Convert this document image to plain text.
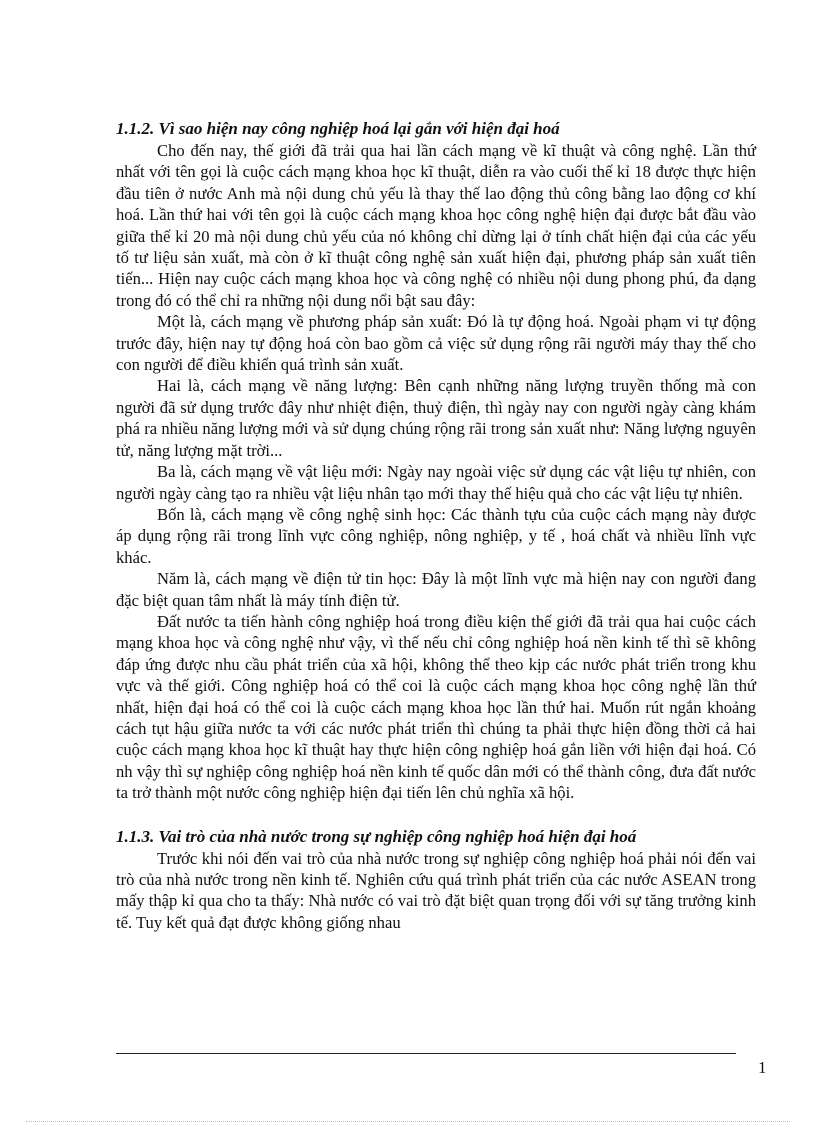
1.1.2. Vì sao hiện nay công nghiệp hoá lại gắn với hiện đại hoá

Cho đến nay, thế giới đã trải qua hai lần cách mạng về kĩ thuật và công nghệ. Lần thứ nhất với tên gọi là cuộc cách mạng khoa học kĩ thuật, diễn ra vào cuối thế kỉ 18 được thực hiện đầu tiên ở nước Anh mà nội dung chủ yếu là thay thế lao động thủ công bằng lao động cơ khí hoá. Lần thứ hai với tên gọi là cuộc cách mạng khoa học công nghệ hiện đại được bắt đầu vào giữa thế kỉ 20 mà nội dung chủ yếu của nó không chỉ dừng lại ở tính chất hiện đại của các yếu tố tư liệu sản xuất, mà còn ở kĩ thuật công nghệ sản xuất hiện đại, phương pháp sản xuất tiên tiến... Hiện nay cuộc cách mạng khoa học và công nghệ có nhiều nội dung phong phú, đa dạng trong đó có thể chỉ ra những nội dung nổi bật sau đây:

Một là, cách mạng về phương pháp sản xuất: Đó là tự động hoá. Ngoài phạm vi tự động trước đây, hiện nay tự động hoá còn bao gồm cả việc sử dụng rộng rãi người máy thay thế cho con người để điều khiển quá trình sản xuất.

Hai là, cách mạng về năng lượng: Bên cạnh những năng lượng truyền thống mà con người đã sử dụng trước đây như nhiệt điện, thuỷ điện, thì ngày nay con người ngày càng khám phá ra nhiều năng lượng mới và sử dụng chúng rộng rãi trong sản xuất như: Năng lượng nguyên tử, năng lượng mặt trời...

Ba là, cách mạng về vật liệu mới: Ngày nay ngoài việc sử dụng các vật liệu tự nhiên, con người ngày càng tạo ra nhiều vật liệu nhân tạo mới thay thế hiệu quả cho các vật liệu tự nhiên.

Bốn là, cách mạng về công nghệ sinh học: Các thành tựu của cuộc cách mạng này được áp dụng rộng rãi trong lĩnh vực công nghiệp, nông nghiệp, y tế , hoá chất và nhiều lĩnh vực khác.

Năm là, cách mạng về điện tử tin học: Đây là một lĩnh vực mà hiện nay con người đang đặc biệt quan tâm nhất là máy tính điện tử.

Đất nước ta tiến hành công nghiệp hoá trong điều kiện thế giới đã trải qua hai cuộc cách mạng khoa học và công nghệ như vậy, vì thế nếu chỉ công nghiệp hoá nền kinh tế thì sẽ không đáp ứng được nhu cầu phát triển của xã hội, không thể theo kịp các nước phát triển trong khu vực và thế giới. Công nghiệp hoá có thể coi là cuộc cách mạng khoa học công nghệ lần thứ nhất, hiện đại hoá có thể coi là cuộc cách mạng khoa học lần thứ hai. Muốn rút ngắn khoảng cách tụt hậu giữa nước ta với các nước phát triển thì chúng ta phải thực hiện đồng thời cả hai cuộc cách mạng khoa học kĩ thuật hay thực hiện công nghiệp hoá gắn liền với hiện đại hoá. Có nh vậy thì sự nghiệp công nghiệp hoá nền kinh tế quốc dân mới có thể thành công, đưa đất nước ta trở thành một nước công nghiệp hiện đại tiến lên chủ nghĩa xã hội.

1.1.3. Vai trò của nhà nước trong sự nghiệp công nghiệp hoá hiện đại hoá

Trước khi nói đến vai trò của nhà nước trong sự nghiệp công nghiệp hoá phải nói đến vai trò của nhà nước trong nền kinh tế. Nghiên cứu quá trình phát triển của các nước ASEAN trong mấy thập kỉ qua cho ta thấy: Nhà nước có vai trò đặt biệt quan trọng đối với sự tăng trưởng kinh tế. Tuy kết quả đạt được không giống nhau

1
